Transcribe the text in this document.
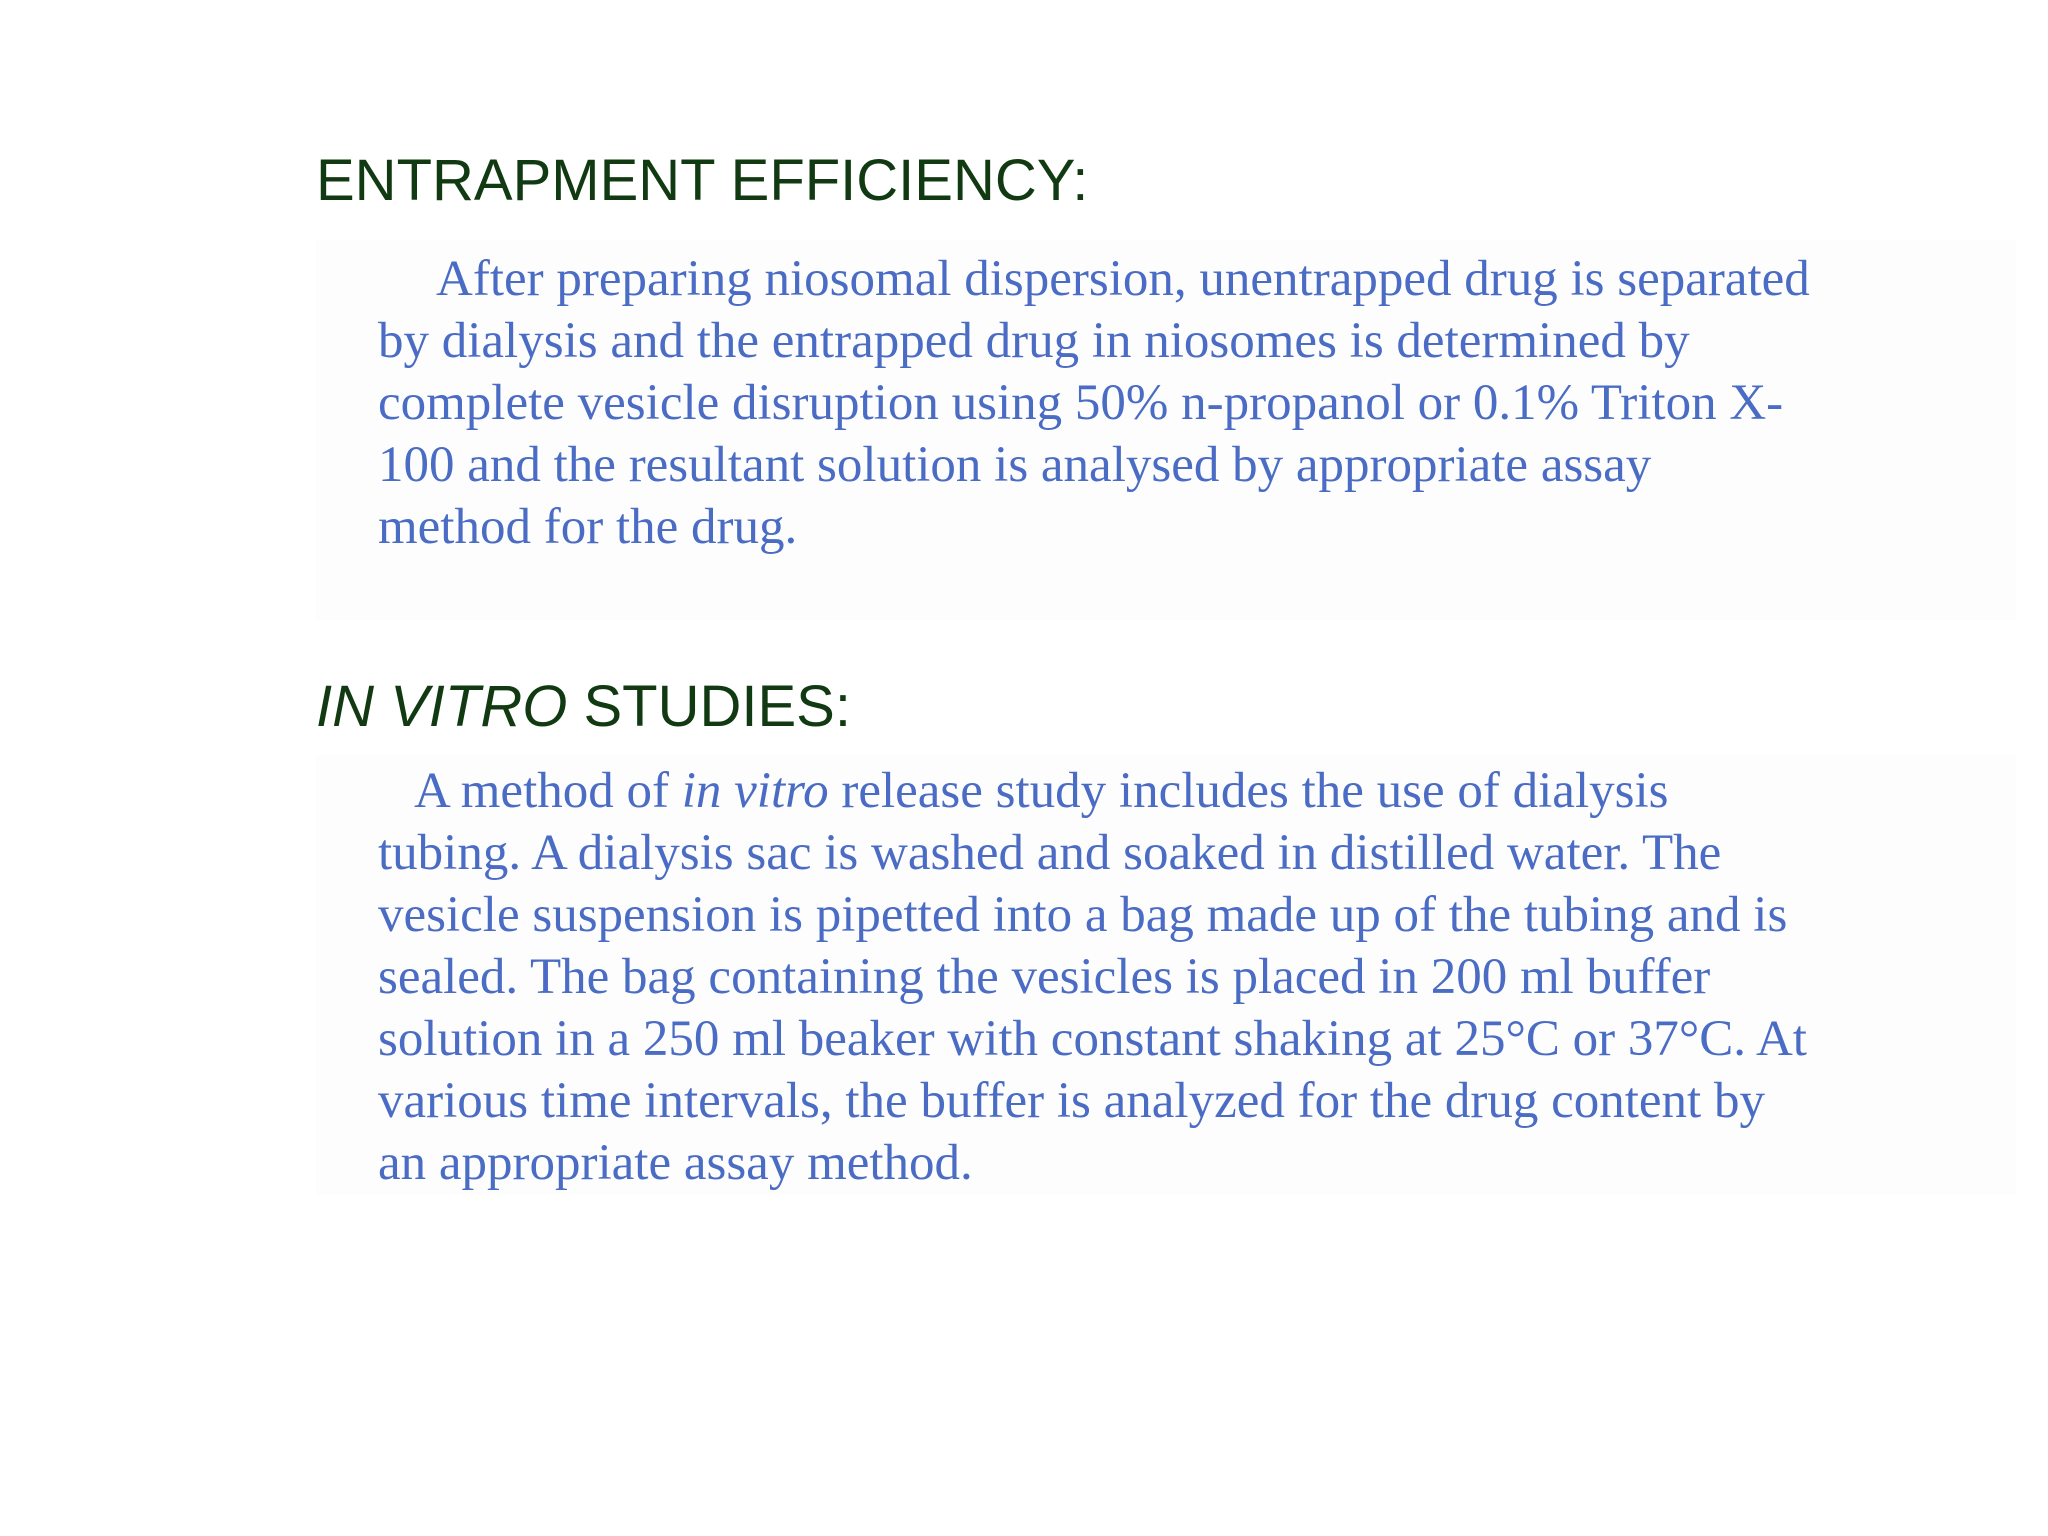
ENTRAPMENT EFFICIENCY:

After preparing niosomal dispersion, unentrapped drug is separated
by dialysis and the entrapped drug in niosomes is determined by
complete vesicle disruption using 50% n-propanol or 0.1% Triton X-
100 and the resultant solution is analysed by appropriate assay
method for the drug.

IN VITRO STUDIES:

A method of in vitro release study includes the use of dialysis
tubing. A dialysis sac is washed and soaked in distilled water. The
vesicle suspension is pipetted into a bag made up of the tubing and is
sealed. The bag containing the vesicles is placed in 200 ml buffer
solution in a 250 ml beaker with constant shaking at 25°C or 37°C. At
various time intervals, the buffer is analyzed for the drug content by
an appropriate assay method.
